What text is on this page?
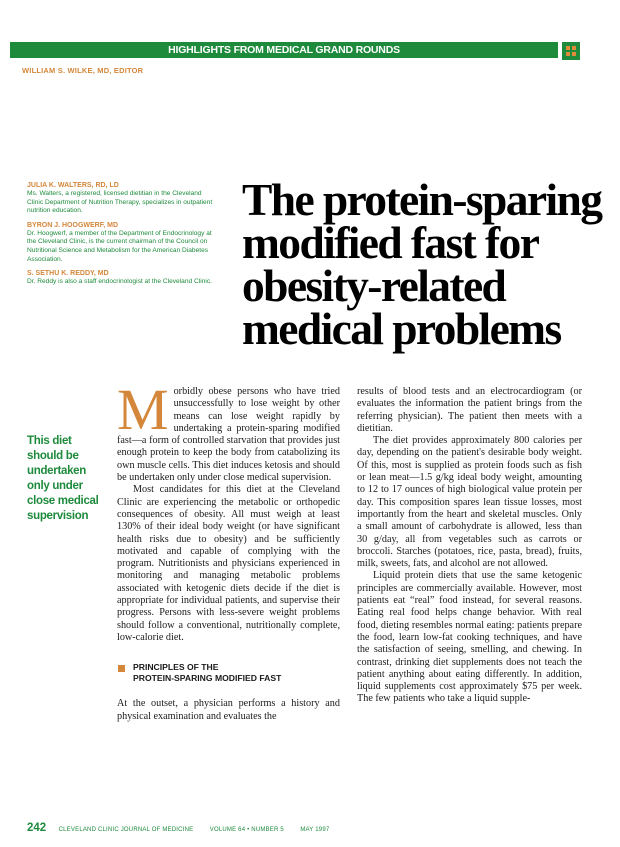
HIGHLIGHTS FROM MEDICAL GRAND ROUNDS
WILLIAM S. WILKE, MD, EDITOR
JULIA K. WALTERS, RD, LD
Ms. Walters, a registered, licensed dietitian in the Cleveland Clinic Department of Nutrition Therapy, specializes in outpatient nutrition education.
BYRON J. HOOGWERF, MD
Dr. Hoogwerf, a member of the Department of Endocrinology at the Cleveland Clinic, is the current chairman of the Council on Nutritional Science and Metabolism for the American Diabetes Association.
S. SETHU K. REDDY, MD
Dr. Reddy is also a staff endocrinologist at the Cleveland Clinic.
The protein-sparing modified fast for obesity-related medical problems
This diet should be undertaken only under close medical supervision

Morbidly obese persons who have tried unsuccessfully to lose weight by other means can lose weight rapidly by undertaking a protein-sparing modified fast—a form of controlled starvation that provides just enough protein to keep the body from catabolizing its own muscle cells. This diet induces ketosis and should be undertaken only under close medical supervision.

Most candidates for this diet at the Cleveland Clinic are experiencing the metabolic or orthopedic consequences of obesity. All must weigh at least 130% of their ideal body weight (or have significant health risks due to obesity) and be sufficiently motivated and capable of complying with the program. Nutritionists and physicians experienced in monitoring and managing metabolic problems associated with ketogenic diets decide if the diet is appropriate for individual patients, and supervise their progress. Persons with less-severe weight problems should follow a conventional, nutritionally complete, low-calorie diet.

PRINCIPLES OF THE
PROTEIN-SPARING MODIFIED FAST

At the outset, a physician performs a history and physical examination and evaluates the

results of blood tests and an electrocardiogram (or evaluates the information the patient brings from the referring physician). The patient then meets with a dietitian.

The diet provides approximately 800 calories per day, depending on the patient's desirable body weight. Of this, most is supplied as protein foods such as fish or lean meat—1.5 g/kg ideal body weight, amounting to 12 to 17 ounces of high biological value protein per day. This composition spares lean tissue losses, most importantly from the heart and skeletal muscles. Only a small amount of carbohydrate is allowed, less than 30 g/day, all from vegetables such as carrots or broccoli. Starches (potatoes, rice, pasta, bread), fruits, milk, sweets, fats, and alcohol are not allowed.

Liquid protein diets that use the same ketogenic principles are commercially available. However, most patients eat “real” food instead, for several reasons. Eating real food helps change behavior. With real food, dieting resembles normal eating: patients prepare the food, learn low-fat cooking techniques, and have the satisfaction of seeing, smelling, and chewing. In contrast, drinking diet supplements does not teach the patient anything about eating differently. In addition, liquid supplements cost approximately $75 per week. The few patients who take a liquid supple-

242 CLEVELAND CLINIC JOURNAL OF MEDICINE	VOLUME 64 • NUMBER 5	MAY 1997
